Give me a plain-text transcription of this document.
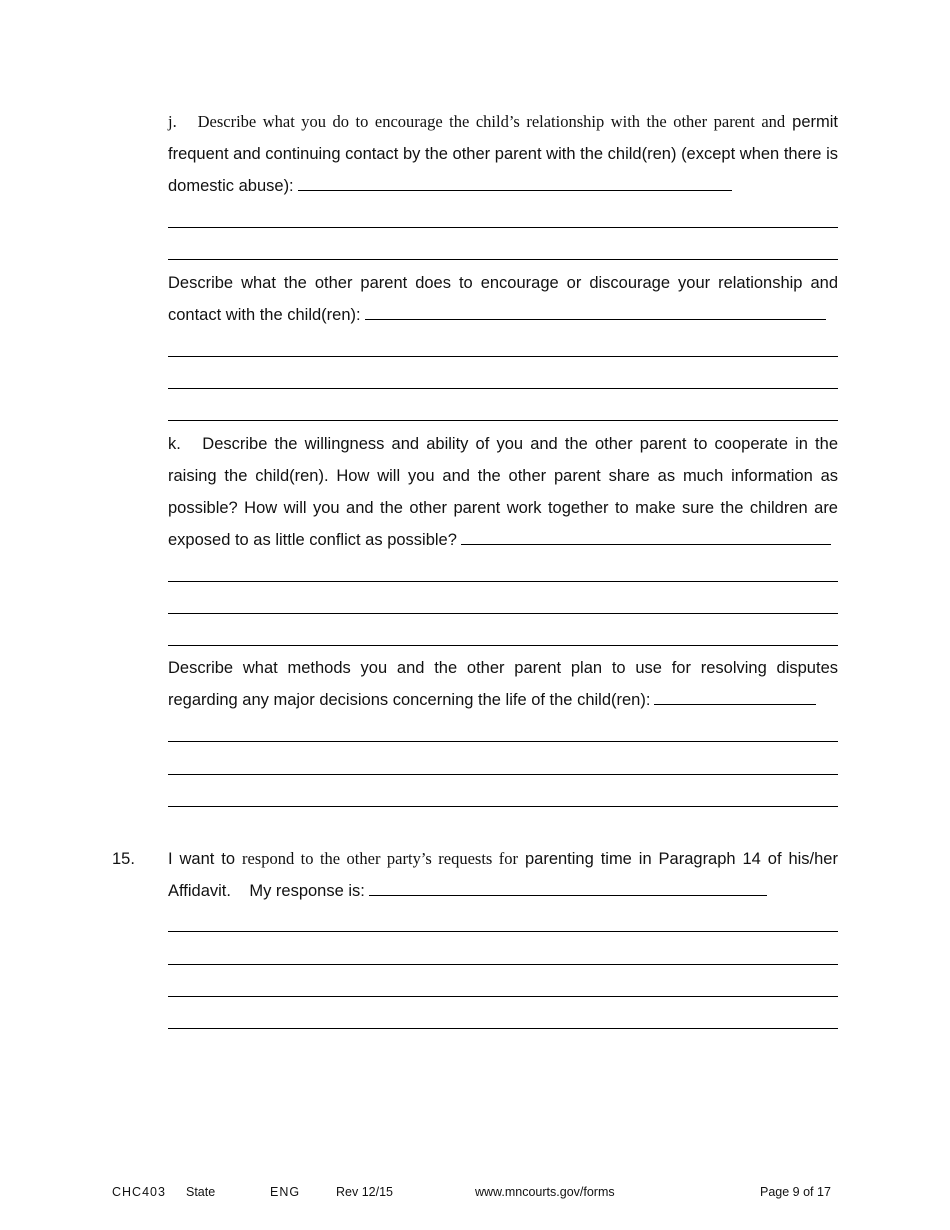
j. Describe what you do to encourage the child’s relationship with the other parent and permit frequent and continuing contact by the other parent with the child(ren) (except when there is domestic abuse):
Describe what the other parent does to encourage or discourage your relationship and contact with the child(ren):
k. Describe the willingness and ability of you and the other parent to cooperate in the raising the child(ren). How will you and the other parent share as much information as possible? How will you and the other parent work together to make sure the children are exposed to as little conflict as possible?
Describe what methods you and the other parent plan to use for resolving disputes regarding any major decisions concerning the life of the child(ren):
15. I want to respond to the other party’s requests for parenting time in Paragraph 14 of his/her Affidavit. My response is:
CHC403 State	ENG	Rev 12/15	www.mncourts.gov/forms	Page 9 of 17
